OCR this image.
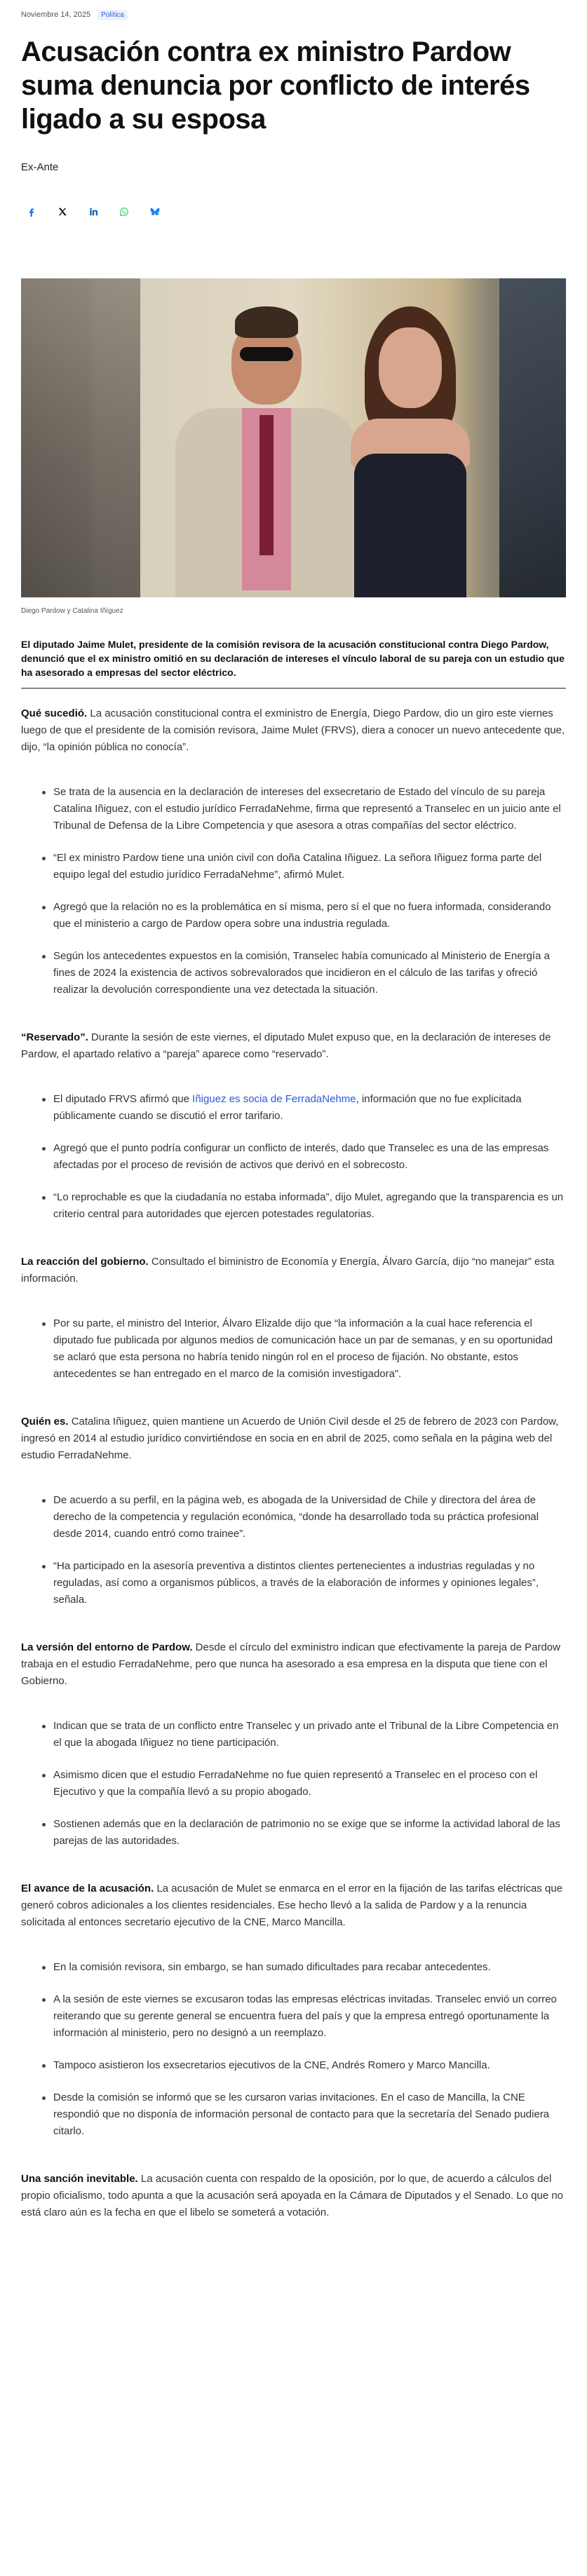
Noviembre 14, 2025	Política
Acusación contra ex ministro Pardow suma denuncia por conflicto de interés ligado a su esposa
Ex-Ante
Diego Pardow y Catalina Iñíguez

El diputado Jaime Mulet, presidente de la comisión revisora de la acusación constitucional contra Diego Pardow, denunció que el ex ministro omitió en su declaración de intereses el vínculo laboral de su pareja con un estudio que ha asesorado a empresas del sector eléctrico.

Qué sucedió. La acusación constitucional contra el exministro de Energía, Diego Pardow, dio un giro este viernes luego de que el presidente de la comisión revisora, Jaime Mulet (FRVS), diera a conocer un nuevo antecedente que, dijo, “la opinión pública no conocía”.

Se trata de la ausencia en la declaración de intereses del exsecretario de Estado del vínculo de su pareja Catalina Iñiguez, con el estudio jurídico FerradaNehme, firma que representó a Transelec en un juicio ante el Tribunal de Defensa de la Libre Competencia y que asesora a otras compañías del sector eléctrico.
“El ex ministro Pardow tiene una unión civil con doña Catalina Iñiguez. La señora Iñiguez forma parte del equipo legal del estudio jurídico FerradaNehme”, afirmó Mulet.
Agregó que la relación no es la problemática en sí misma, pero sí el que no fuera informada, considerando que el ministerio a cargo de Pardow opera sobre una industria regulada.
Según los antecedentes expuestos en la comisión, Transelec había comunicado al Ministerio de Energía a fines de 2024 la existencia de activos sobrevalorados que incidieron en el cálculo de las tarifas y ofreció realizar la devolución correspondiente una vez detectada la situación.

“Reservado”. Durante la sesión de este viernes, el diputado Mulet expuso que, en la declaración de intereses de Pardow, el apartado relativo a “pareja” aparece como “reservado”.

El diputado FRVS afirmó que Iñiguez es socia de FerradaNehme, información que no fue explicitada públicamente cuando se discutió el error tarifario.
Agregó que el punto podría configurar un conflicto de interés, dado que Transelec es una de las empresas afectadas por el proceso de revisión de activos que derivó en el sobrecosto.
“Lo reprochable es que la ciudadanía no estaba informada”, dijo Mulet, agregando que la transparencia es un criterio central para autoridades que ejercen potestades regulatorias.

La reacción del gobierno. Consultado el biministro de Economía y Energía, Álvaro García, dijo “no manejar” esta información.

Por su parte, el ministro del Interior, Álvaro Elizalde dijo que “la información a la cual hace referencia el diputado fue publicada por algunos medios de comunicación hace un par de semanas, y en su oportunidad se aclaró que esta persona no habría tenido ningún rol en el proceso de fijación. No obstante, estos antecedentes se han entregado en el marco de la comisión investigadora”.

Quién es. Catalina Iñiguez, quien mantiene un Acuerdo de Unión Civil desde el 25 de febrero de 2023 con Pardow, ingresó en 2014 al estudio jurídico convirtiéndose en socia en en abril de 2025, como señala en la página web del estudio FerradaNehme.

De acuerdo a su perfil, en la página web, es abogada de la Universidad de Chile y directora del área de derecho de la competencia y regulación económica, “donde ha desarrollado toda su práctica profesional desde 2014, cuando entró como trainee”.
“Ha participado en la asesoría preventiva a distintos clientes pertenecientes a industrias reguladas y no reguladas, así como a organismos públicos, a través de la elaboración de informes y opiniones legales”, señala.

La versión del entorno de Pardow. Desde el círculo del exministro indican que efectivamente la pareja de Pardow trabaja en el estudio FerradaNehme, pero que nunca ha asesorado a esa empresa en la disputa que tiene con el Gobierno.

Indican que se trata de un conflicto entre Transelec y un privado ante el Tribunal de la Libre Competencia en el que la abogada Iñiguez no tiene participación.
Asimismo dicen que el estudio FerradaNehme no fue quien representó a Transelec en el proceso con el Ejecutivo y que la compañía llevó a su propio abogado.
Sostienen además que en la declaración de patrimonio no se exige que se informe la actividad laboral de las parejas de las autoridades.

El avance de la acusación. La acusación de Mulet se enmarca en el error en la fijación de las tarifas eléctricas que generó cobros adicionales a los clientes residenciales. Ese hecho llevó a la salida de Pardow y a la renuncia solicitada al entonces secretario ejecutivo de la CNE, Marco Mancilla.

En la comisión revisora, sin embargo, se han sumado dificultades para recabar antecedentes.
A la sesión de este viernes se excusaron todas las empresas eléctricas invitadas. Transelec envió un correo reiterando que su gerente general se encuentra fuera del país y que la empresa entregó oportunamente la información al ministerio, pero no designó a un reemplazo.
Tampoco asistieron los exsecretarios ejecutivos de la CNE, Andrés Romero y Marco Mancilla.
Desde la comisión se informó que se les cursaron varias invitaciones. En el caso de Mancilla, la CNE respondió que no disponía de información personal de contacto para que la secretaría del Senado pudiera citarlo.

Una sanción inevitable. La acusación cuenta con respaldo de la oposición, por lo que, de acuerdo a cálculos del propio oficialismo, todo apunta a que la acusación será apoyada en la Cámara de Diputados y el Senado. Lo que no está claro aún es la fecha en que el libelo se someterá a votación.
